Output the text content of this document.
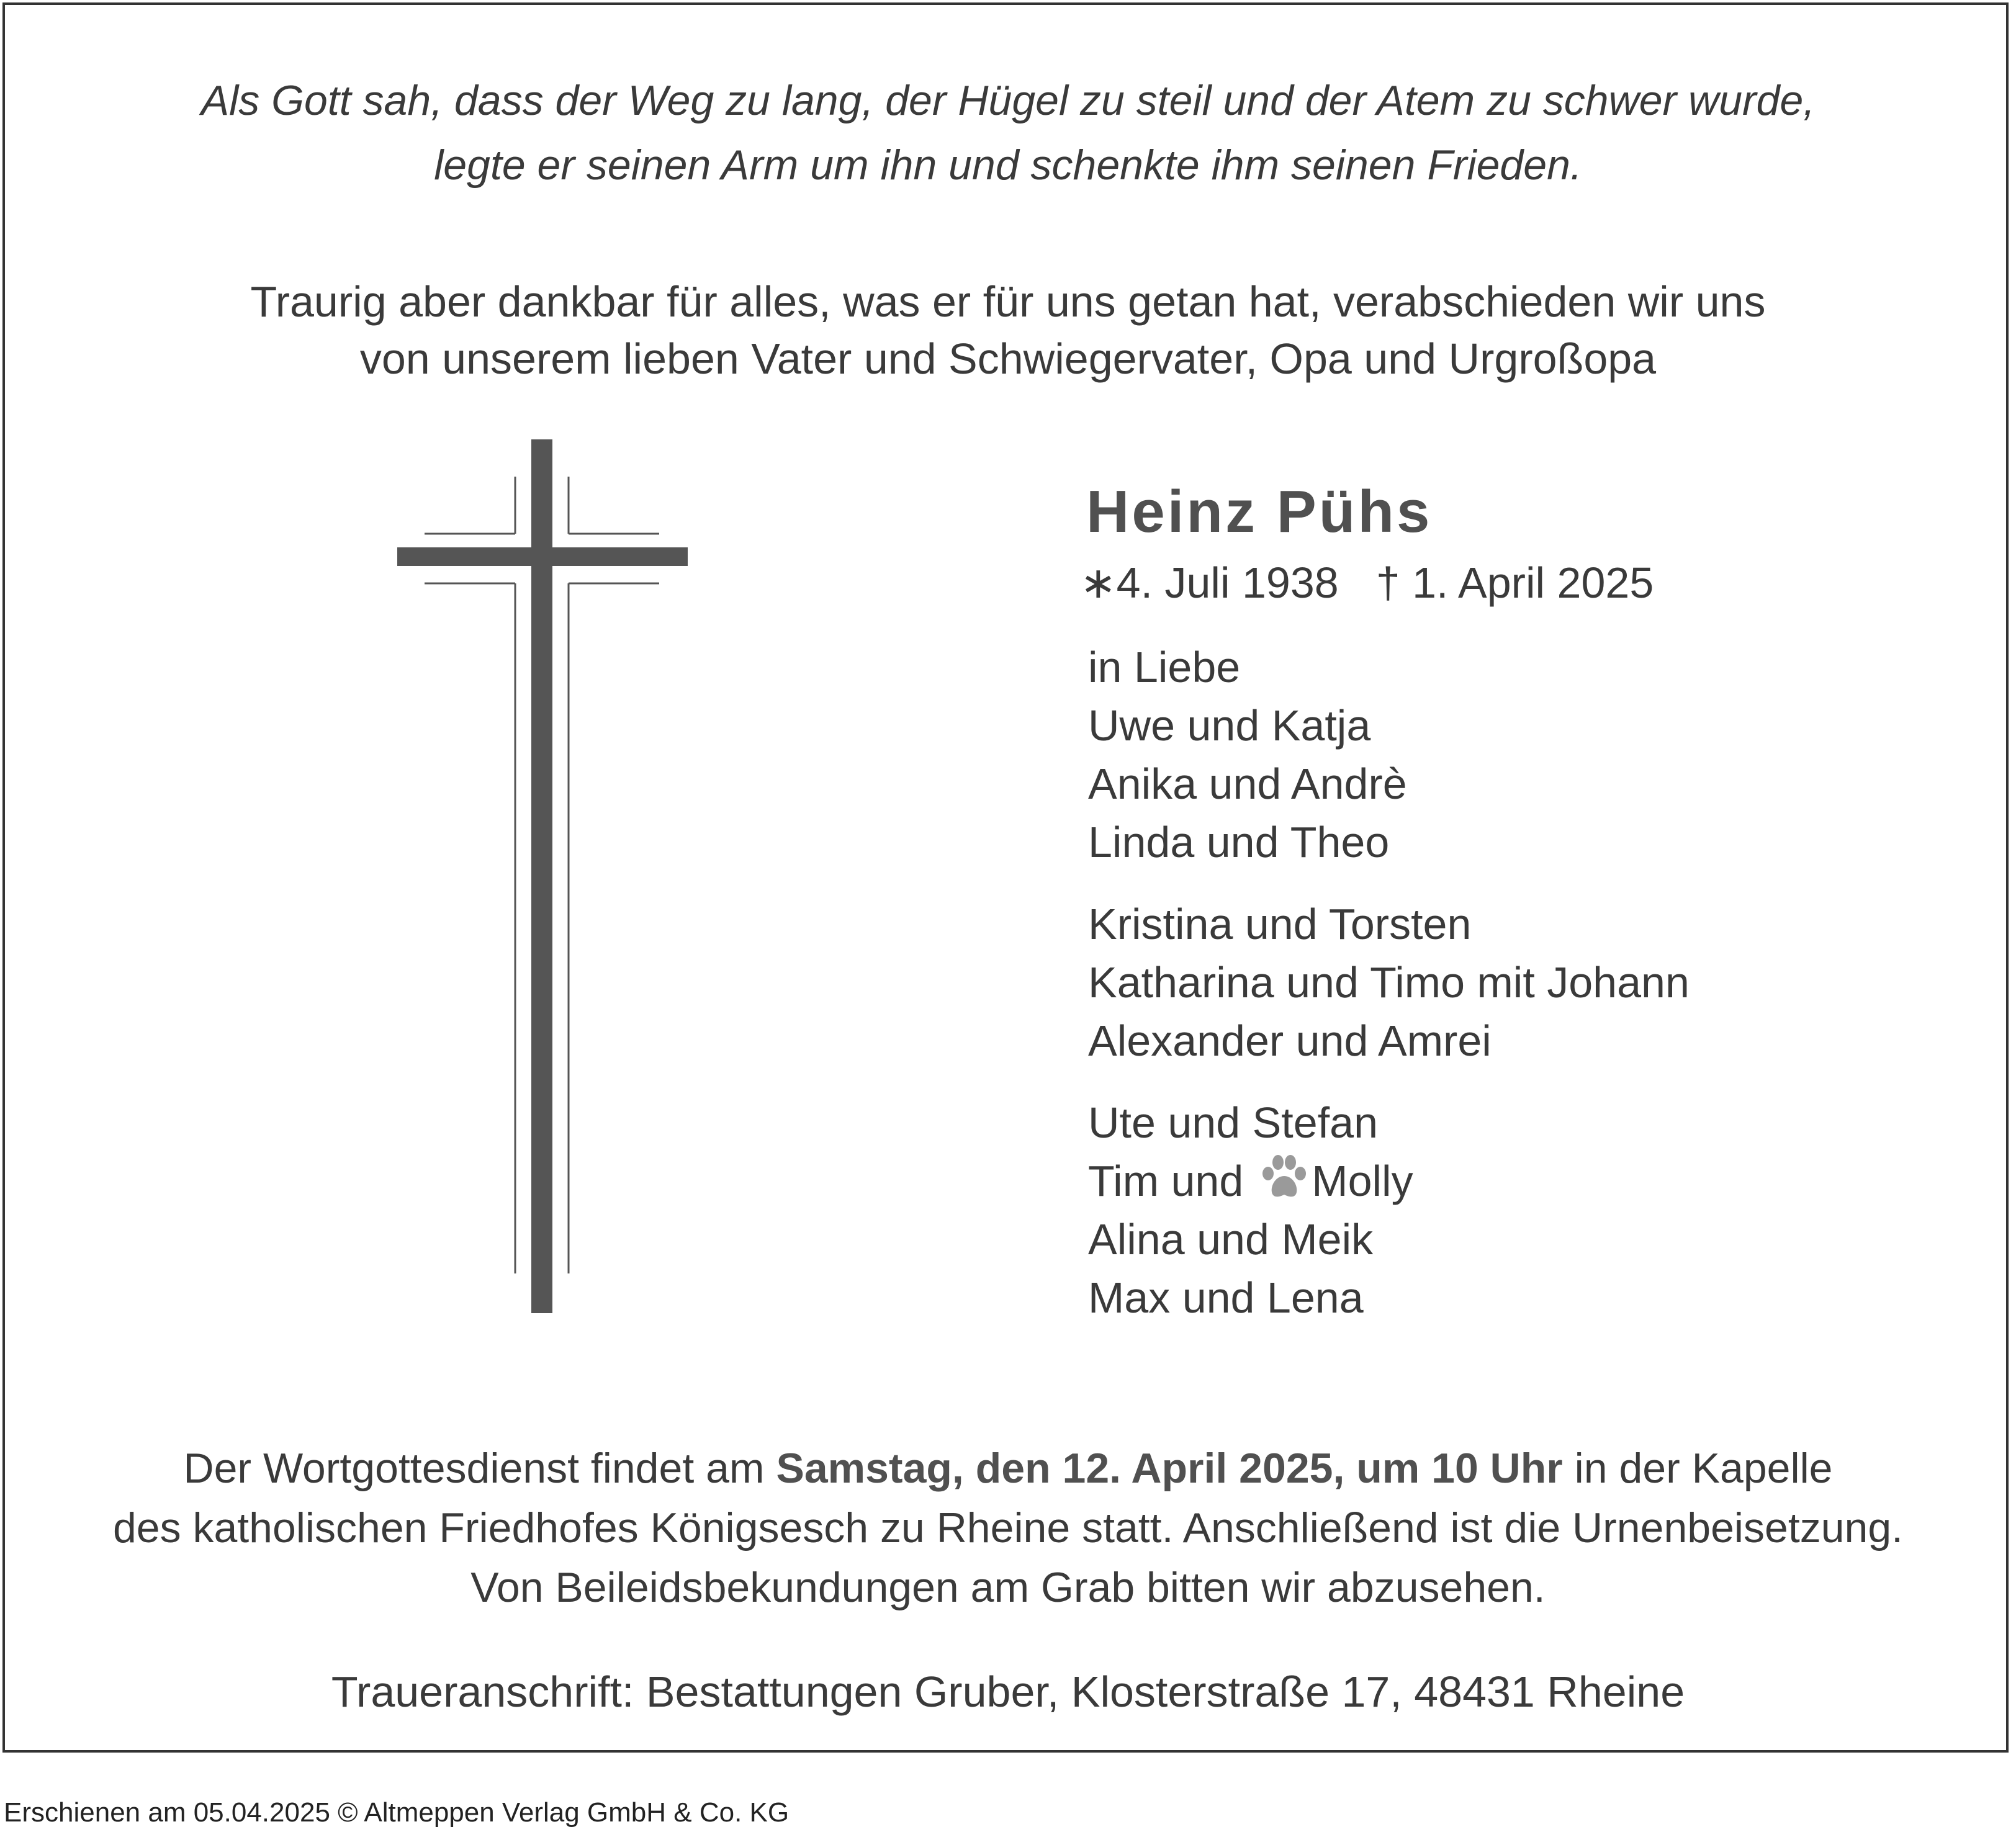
Als Gott sah, dass der Weg zu lang, der Hügel zu steil und der Atem zu schwer wurde,
legte er seinen Arm um ihn und schenkte ihm seinen Frieden.
Traurig aber dankbar für alles, was er für uns getan hat, verabschieden wir uns
von unserem lieben Vater und Schwiegervater, Opa und Urgroßopa
Heinz Pühs
∗4. Juli 1938 † 1. April 2025
in Liebe
Uwe und Katja
Anika und Andrè
Linda und Theo
Kristina und Torsten
Katharina und Timo mit Johann
Alexander und Amrei
Ute und Stefan
Tim und Molly
Alina und Meik
Max und Lena
Der Wortgottesdienst findet am Samstag, den 12. April 2025, um 10 Uhr in der Kapelle
des katholischen Friedhofes Königsesch zu Rheine statt. Anschließend ist die Urnenbeisetzung.
Von Beileidsbekundungen am Grab bitten wir abzusehen.
Traueranschrift: Bestattungen Gruber, Klosterstraße 17, 48431 Rheine
Erschienen am 05.04.2025 © Altmeppen Verlag GmbH & Co. KG
